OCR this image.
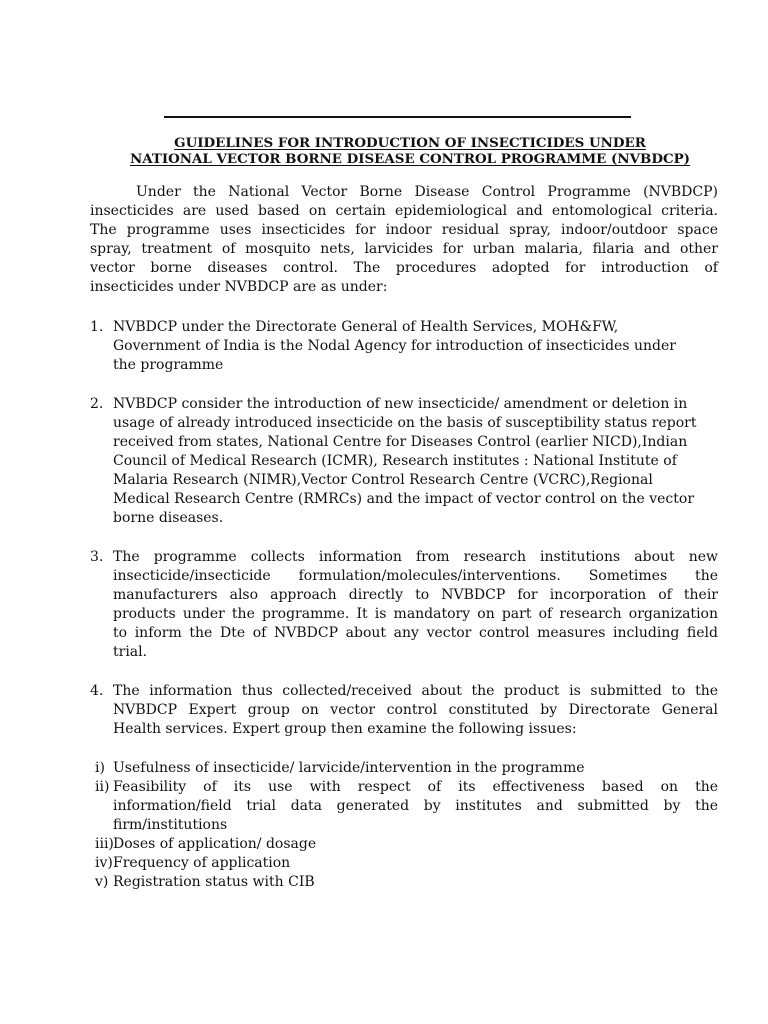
GUIDELINES FOR INTRODUCTION OF INSECTICIDES UNDER
NATIONAL VECTOR BORNE DISEASE CONTROL PROGRAMME (NVBDCP)
Under the National Vector Borne Disease Control Programme (NVBDCP)
insecticides are used based on certain epidemiological and entomological criteria.
The programme uses insecticides for indoor residual spray, indoor/outdoor space
spray, treatment of mosquito nets, larvicides for urban malaria, filaria and other
vector borne diseases control. The procedures adopted for introduction of
insecticides under NVBDCP are as under:
1. NVBDCP under the Directorate General of Health Services, MOH&FW,
Government of India is the Nodal Agency for introduction of insecticides under
the programme
2. NVBDCP consider the introduction of new insecticide/ amendment or deletion in
usage of already introduced insecticide on the basis of susceptibility status report
received from states, National Centre for Diseases Control (earlier NICD),Indian
Council of Medical Research (ICMR), Research institutes : National Institute of
Malaria Research (NIMR),Vector Control Research Centre (VCRC),Regional
Medical Research Centre (RMRCs) and the impact of vector control on the vector
borne diseases.
3. The programme collects information from research institutions about new
insecticide/insecticide formulation/molecules/interventions. Sometimes the
manufacturers also approach directly to NVBDCP for incorporation of their
products under the programme. It is mandatory on part of research organization
to inform the Dte of NVBDCP about any vector control measures including field
trial.
4. The information thus collected/received about the product is submitted to the
NVBDCP Expert group on vector control constituted by Directorate General
Health services. Expert group then examine the following issues:
i) Usefulness of insecticide/ larvicide/intervention in the programme
ii) Feasibility of its use with respect of its effectiveness based on the
information/field trial data generated by institutes and submitted by the
firm/institutions
iii) Doses of application/ dosage
iv) Frequency of application
v) Registration status with CIB
